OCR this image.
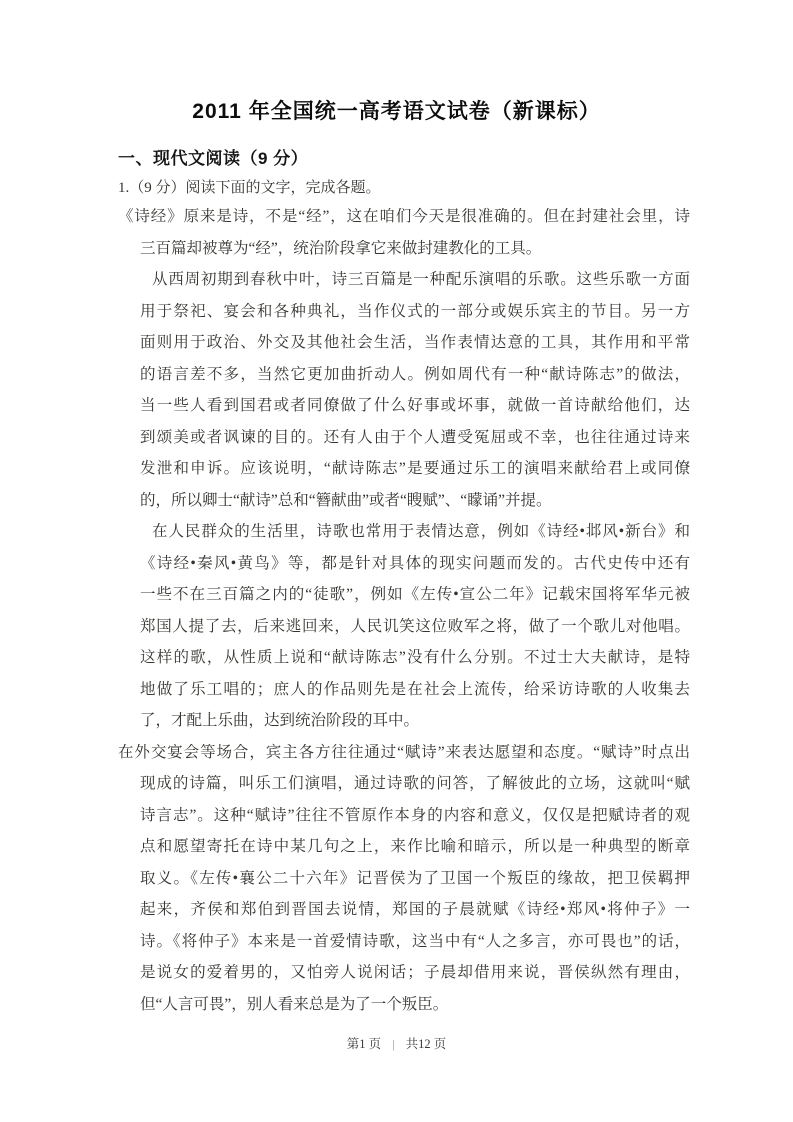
2011 年全国统一高考语文试卷（新课标）
一、现代文阅读（9 分）
1.（9 分）阅读下面的文字，完成各题。
《诗经》原来是诗，不是“经”，这在咱们今天是很准确的。但在封建社会里，诗
三百篇却被尊为“经”，统治阶段拿它来做封建教化的工具。
从西周初期到春秋中叶，诗三百篇是一种配乐演唱的乐歌。这些乐歌一方面
用于祭祀、宴会和各种典礼，当作仪式的一部分或娱乐宾主的节目。另一方
面则用于政治、外交及其他社会生活，当作表情达意的工具，其作用和平常
的语言差不多，当然它更加曲折动人。例如周代有一种“献诗陈志”的做法，
当一些人看到国君或者同僚做了什么好事或坏事，就做一首诗献给他们，达
到颂美或者讽谏的目的。还有人由于个人遭受冤屈或不幸，也往往通过诗来
发泄和申诉。应该说明，“献诗陈志”是要通过乐工的演唱来献给君上或同僚
的，所以卿士“献诗”总和“簪献曲”或者“瞍赋”、“矇诵”并提。
在人民群众的生活里，诗歌也常用于表情达意，例如《诗经•邶风•新台》和
《诗经•秦风•黄鸟》等，都是针对具体的现实问题而发的。古代史传中还有
一些不在三百篇之内的“徒歌”，例如《左传•宣公二年》记载宋国将军华元被
郑国人提了去，后来逃回来，人民讥笑这位败军之将，做了一个歌儿对他唱。
这样的歌，从性质上说和“献诗陈志”没有什么分别。不过士大夫献诗，是特
地做了乐工唱的；庶人的作品则先是在社会上流传，给采访诗歌的人收集去
了，才配上乐曲，达到统治阶段的耳中。
在外交宴会等场合，宾主各方往往通过“赋诗”来表达愿望和态度。“赋诗”时点出
现成的诗篇，叫乐工们演唱，通过诗歌的问答，了解彼此的立场，这就叫“赋
诗言志”。这种“赋诗”往往不管原作本身的内容和意义，仅仅是把赋诗者的观
点和愿望寄托在诗中某几句之上，来作比喻和暗示，所以是一种典型的断章
取义。《左传•襄公二十六年》记晋侯为了卫国一个叛臣的缘故，把卫侯羁押
起来，齐侯和郑伯到晋国去说情，郑国的子晨就赋《诗经•郑风•将仲子》一
诗。《将仲子》本来是一首爱情诗歌，这当中有“人之多言，亦可畏也”的话，
是说女的爱着男的，又怕旁人说闲话；子晨却借用来说，晋侯纵然有理由，
但“人言可畏”，别人看来总是为了一个叛臣。
第1 页 | 共12 页
